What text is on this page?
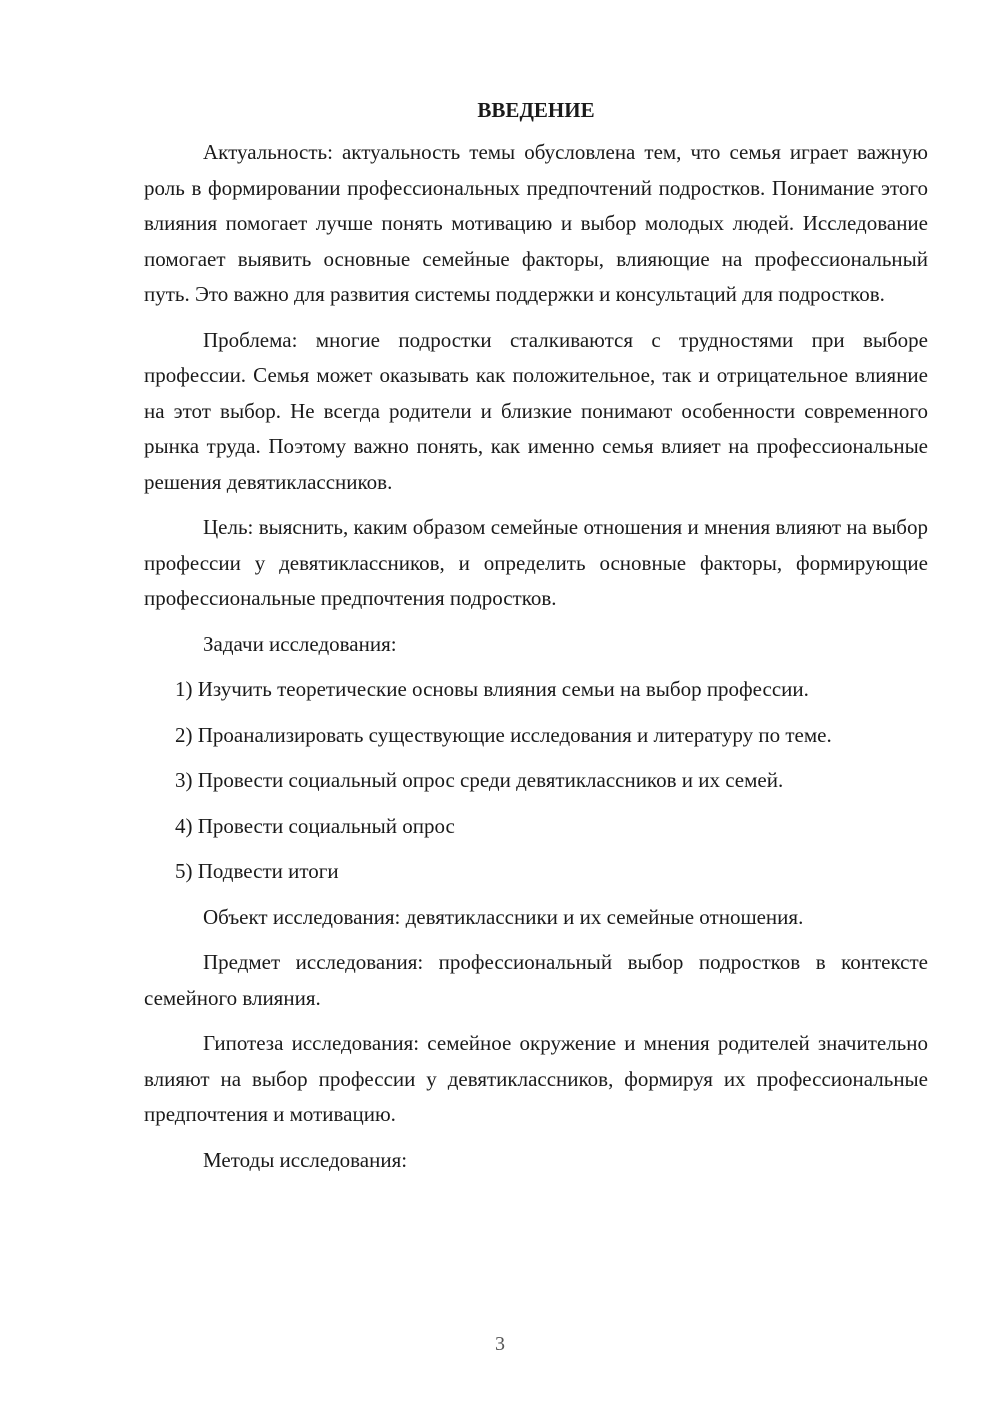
ВВЕДЕНИЕ

Актуальность: актуальность темы обусловлена тем, что семья играет важную роль в формировании профессиональных предпочтений подростков. Понимание этого влияния помогает лучше понять мотивацию и выбор молодых людей. Исследование помогает выявить основные семейные факторы, влияющие на профессиональный путь. Это важно для развития системы поддержки и консультаций для подростков.

Проблема: многие подростки сталкиваются с трудностями при выборе профессии. Семья может оказывать как положительное, так и отрицательное влияние на этот выбор. Не всегда родители и близкие понимают особенности современного рынка труда. Поэтому важно понять, как именно семья влияет на профессиональные решения девятиклассников.

Цель: выяснить, каким образом семейные отношения и мнения влияют на выбор профессии у девятиклассников, и определить основные факторы, формирующие профессиональные предпочтения подростков.

Задачи исследования:

1) Изучить теоретические основы влияния семьи на выбор профессии.

2) Проанализировать существующие исследования и литературу по теме.

3) Провести социальный опрос среди девятиклассников и их семей.

4) Провести социальный опрос

5) Подвести итоги

Объект исследования: девятиклассники и их семейные отношения.

Предмет исследования: профессиональный выбор подростков в контексте семейного влияния.

Гипотеза исследования: семейное окружение и мнения родителей значительно влияют на выбор профессии у девятиклассников, формируя их профессиональные предпочтения и мотивацию.

Методы исследования:

3
